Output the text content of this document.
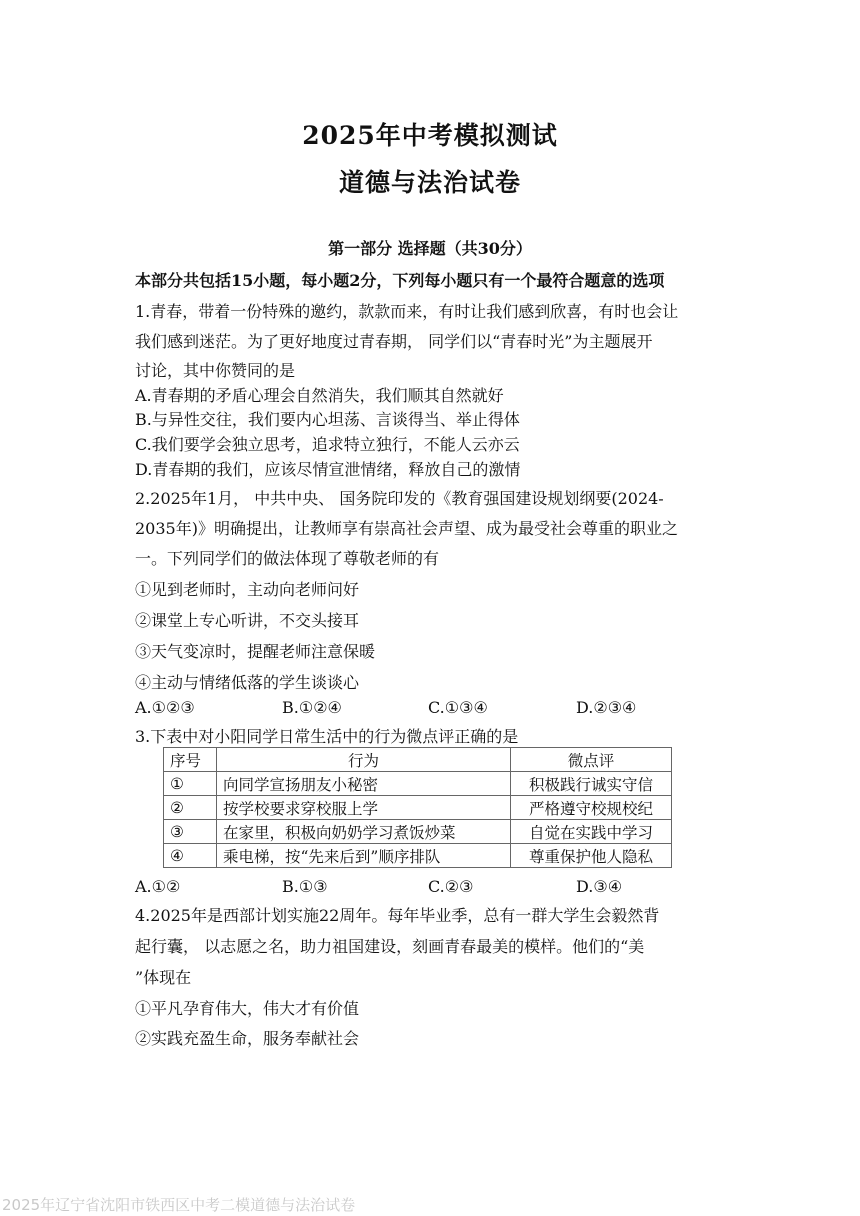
2025年中考模拟测试
道德与法治试卷
第一部分 选择题（共30分）
本部分共包括15小题，每小题2分，下列每小题只有一个最符合题意的选项
1.青春，带着一份特殊的邀约，款款而来，有时让我们感到欣喜，有时也会让
我们感到迷茫。为了更好地度过青春期， 同学们以“青春时光”为主题展开
讨论，其中你赞同的是
A.青春期的矛盾心理会自然消失，我们顺其自然就好
B.与异性交往，我们要内心坦荡、言谈得当、举止得体
C.我们要学会独立思考，追求特立独行，不能人云亦云
D.青春期的我们，应该尽情宣泄情绪，释放自己的激情
2.2025年1月， 中共中央、 国务院印发的《教育强国建设规划纲要(2024-
2035年)》明确提出，让教师享有崇高社会声望、成为最受社会尊重的职业之
一。下列同学们的做法体现了尊敬老师的有
①见到老师时，主动向老师问好
②课堂上专心听讲，不交头接耳
③天气变凉时，提醒老师注意保暖
④主动与情绪低落的学生谈谈心
A.①②③	B.①②④	C.①③④	D.②③④
3.下表中对小阳同学日常生活中的行为微点评正确的是
序号	行为	微点评
①	向同学宣扬朋友小秘密	积极践行诚实守信
②	按学校要求穿校服上学	严格遵守校规校纪
③	在家里，积极向奶奶学习煮饭炒菜	自觉在实践中学习
④	乘电梯，按“先来后到”顺序排队	尊重保护他人隐私
A.①②	B.①③	C.②③	D.③④
4.2025年是西部计划实施22周年。每年毕业季，总有一群大学生会毅然背
起行囊， 以志愿之名，助力祖国建设，刻画青春最美的模样。他们的“美
”体现在
①平凡孕育伟大，伟大才有价值
②实践充盈生命，服务奉献社会
2025年辽宁省沈阳市铁西区中考二模道德与法治试卷
